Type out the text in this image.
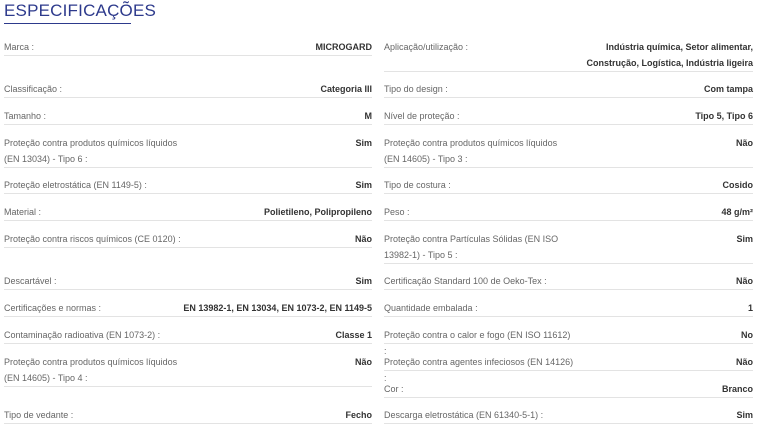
ESPECIFICAÇÕES
Marca :	MICROGARD
Classificação :	Categoria III
Tamanho :	M
Proteção contra produtos químicos líquidos (EN 13034) - Tipo 6 :
Sim
Proteção eletrostática (EN 1149-5) :	Sim
Material :	Polietileno, Polipropileno
Proteção contra riscos químicos (CE 0120) :	Não
Descartável :	Sim
Certificações e normas :	EN 13982-1, EN 13034, EN 1073-2, EN 1149-5
Contaminação radioativa (EN 1073-2) :	Classe 1
Proteção contra produtos químicos líquidos (EN 14605) - Tipo 4 :
Não
Tipo de vedante :	Fecho
Aplicação/utilização :	Indústria química, Setor alimentar, Construção, Logística, Indústria ligeira
Tipo do design :	Com tampa
Nível de proteção :	Tipo 5, Tipo 6
Proteção contra produtos químicos líquidos (EN 14605) - Tipo 3 :
Não
Tipo de costura :	Cosido
Peso :	48 g/m²
Proteção contra Partículas Sólidas (EN ISO 13982-1) - Tipo 5 :
Sim
Certificação Standard 100 de Oeko-Tex :	Não
Quantidade embalada :	1
Proteção contra o calor e fogo (EN ISO 11612) :
No
Proteção contra agentes infeciosos (EN 14126) :
Não
Cor :	Branco
Descarga eletrostática (EN 61340-5-1) :	Sim
